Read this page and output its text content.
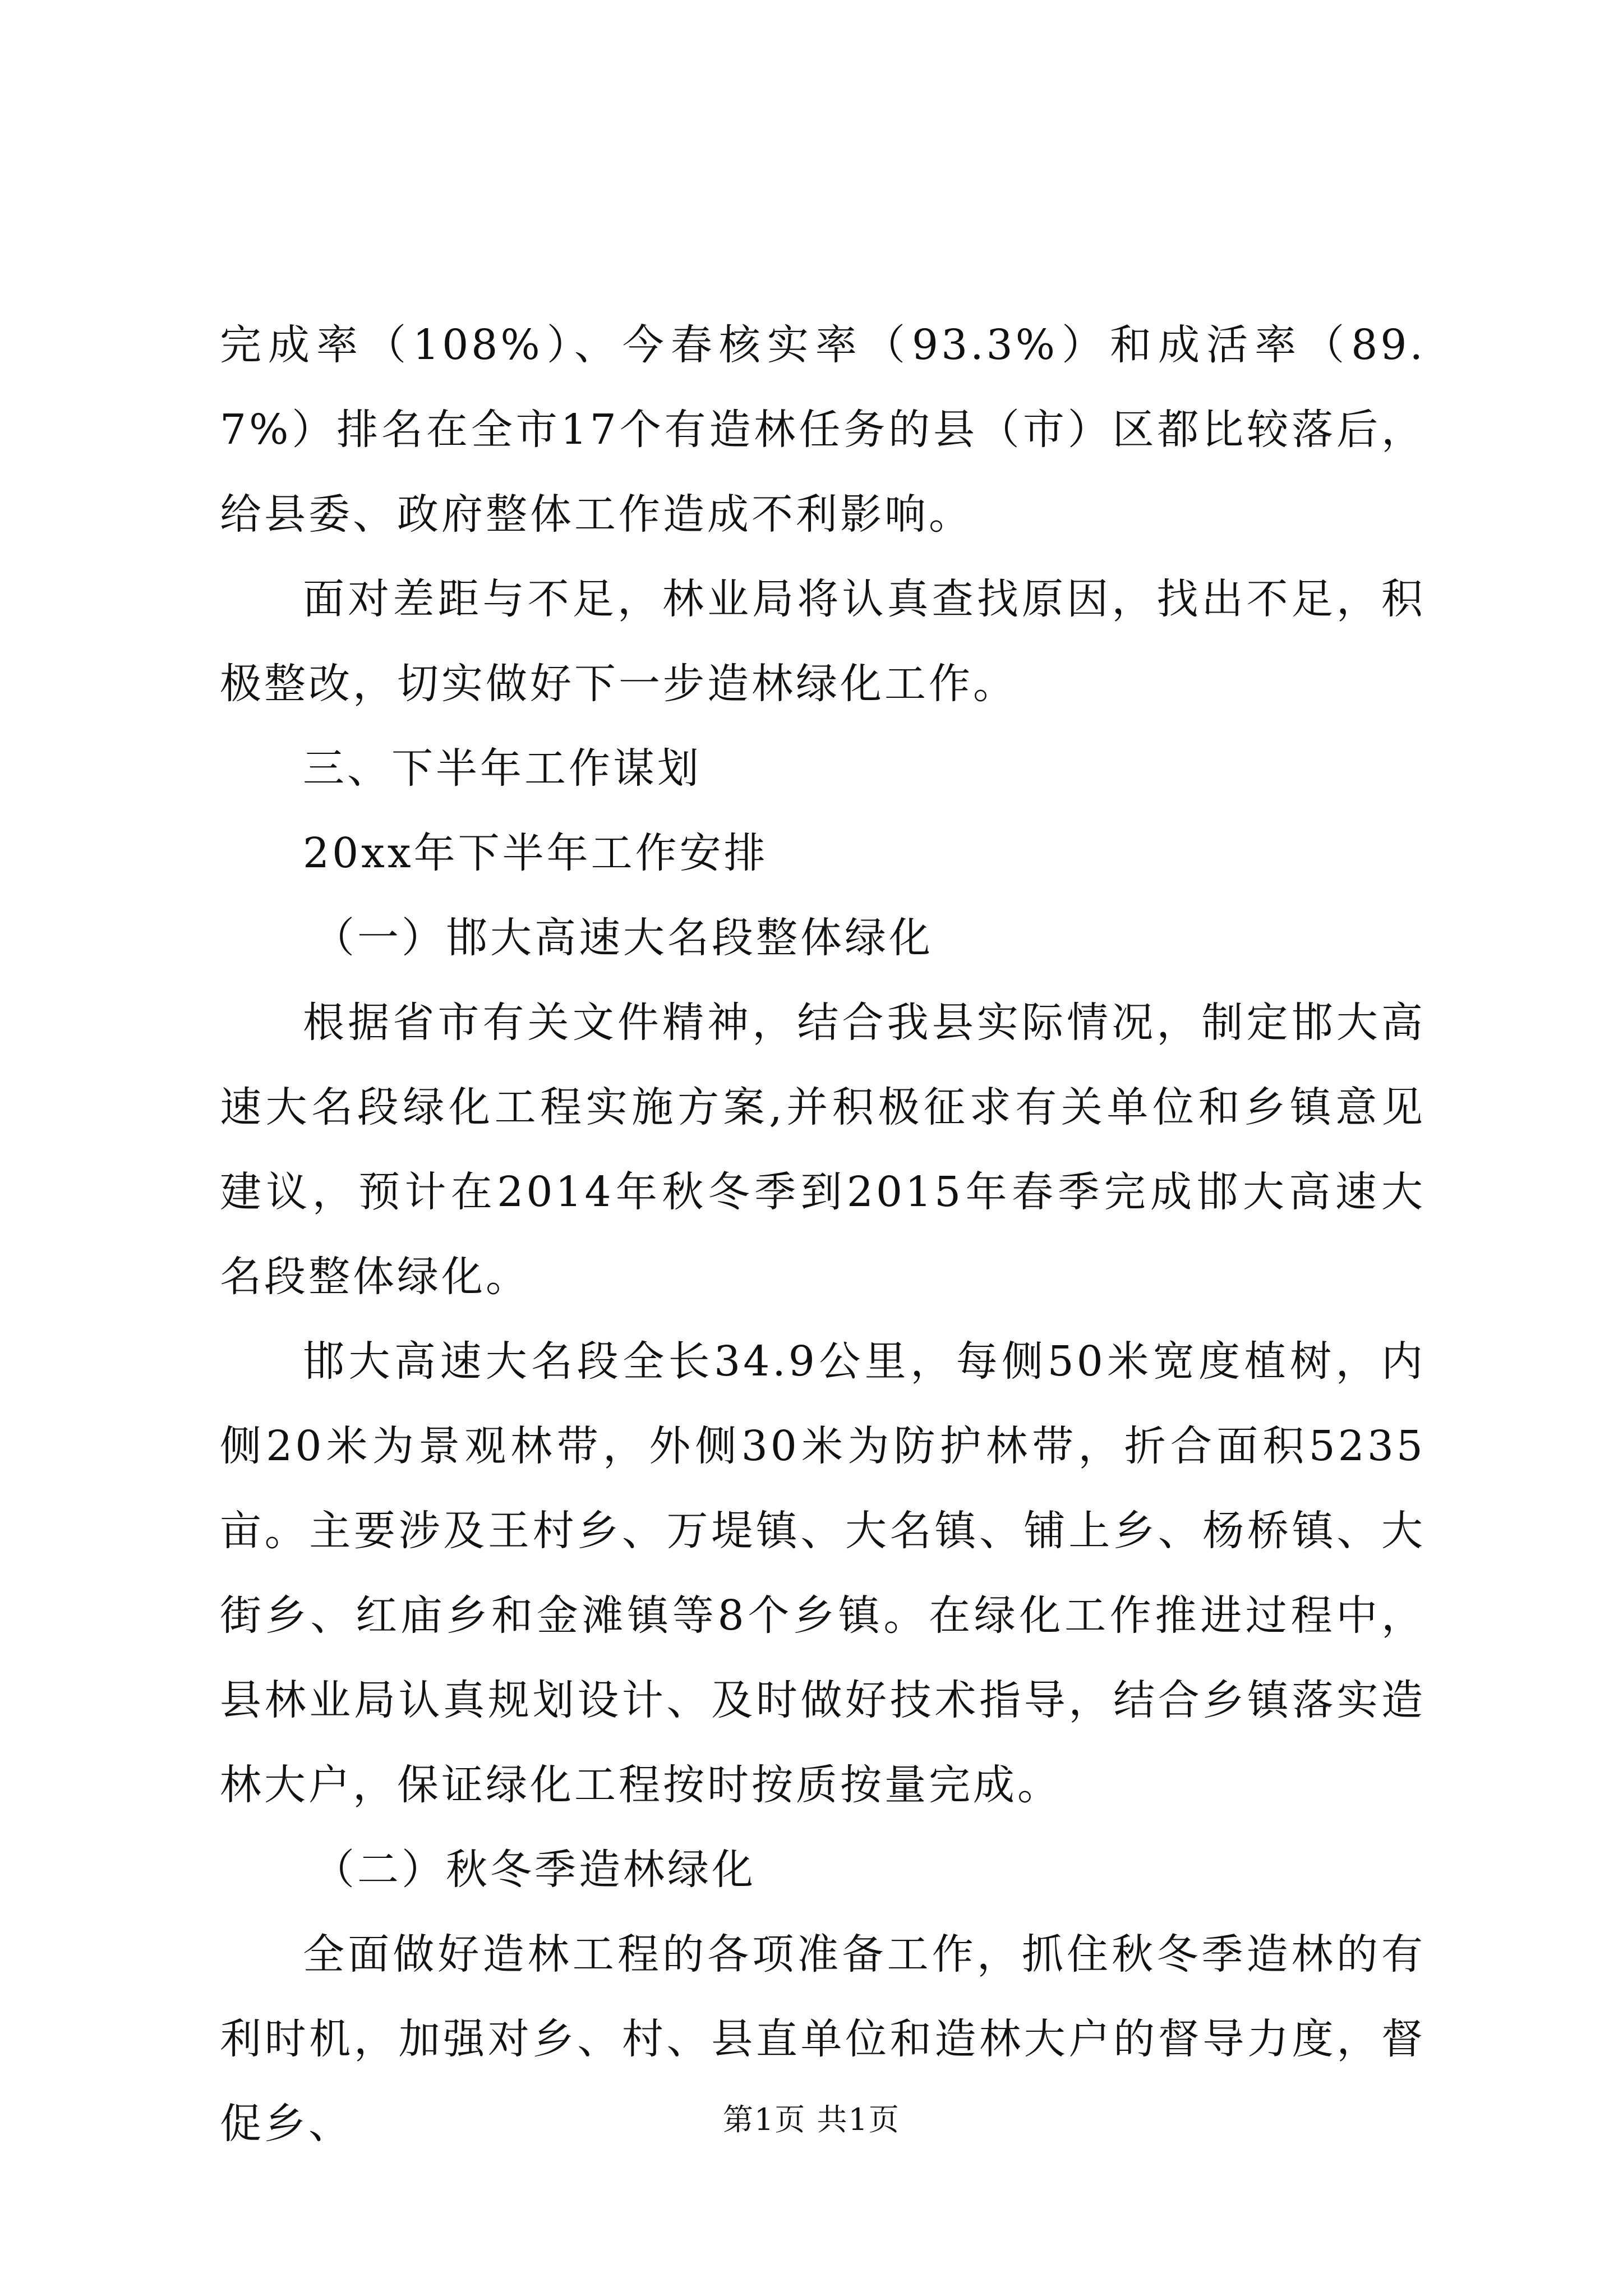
完成率（108%）、今春核实率（93.3%）和成活率（89.7%）排名在全市17个有造林任务的县（市）区都比较落后，给县委、政府整体工作造成不利影响。

面对差距与不足，林业局将认真查找原因，找出不足，积极整改，切实做好下一步造林绿化工作。

三、下半年工作谋划

20xx年下半年工作安排

（一）邯大高速大名段整体绿化

根据省市有关文件精神，结合我县实际情况，制定邯大高速大名段绿化工程实施方案,并积极征求有关单位和乡镇意见建议，预计在2014年秋冬季到2015年春季完成邯大高速大名段整体绿化。

邯大高速大名段全长34.9公里，每侧50米宽度植树，内侧20米为景观林带，外侧30米为防护林带，折合面积5235亩。主要涉及王村乡、万堤镇、大名镇、铺上乡、杨桥镇、大街乡、红庙乡和金滩镇等8个乡镇。在绿化工作推进过程中，县林业局认真规划设计、及时做好技术指导，结合乡镇落实造林大户，保证绿化工程按时按质按量完成。

（二）秋冬季造林绿化

全面做好造林工程的各项准备工作，抓住秋冬季造林的有利时机，加强对乡、村、县直单位和造林大户的督导力度，督促乡、	第1页 共1页
